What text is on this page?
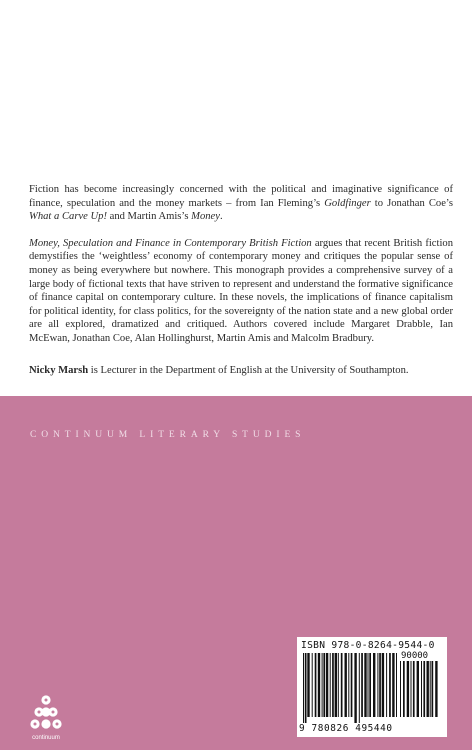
Fiction has become increasingly concerned with the political and imaginative significance of finance, speculation and the money markets – from Ian Fleming’s Goldfinger to Jonathan Coe’s What a Carve Up! and Martin Amis’s Money.

Money, Speculation and Finance in Contemporary British Fiction argues that recent British fiction demystifies the ‘weightless’ economy of contemporary money and critiques the popular sense of money as being everywhere but nowhere. This monograph provides a comprehensive survey of a large body of fictional texts that have striven to represent and understand the formative significance of finance capital on contemporary culture. In these novels, the implications of finance capitalism for political identity, for class politics, for the sovereignty of the nation state and a new global order are all explored, dramatized and critiqued. Authors covered include Margaret Drabble, Ian McEwan, Jonathan Coe, Alan Hollinghurst, Martin Amis and Malcolm Bradbury.

Nicky Marsh is Lecturer in the Department of English at the University of Southampton.

CONTINUUM LITERARY STUDIES
continuum
ISBN 978-0-8264-9544-0
90000
9 780826 495440
